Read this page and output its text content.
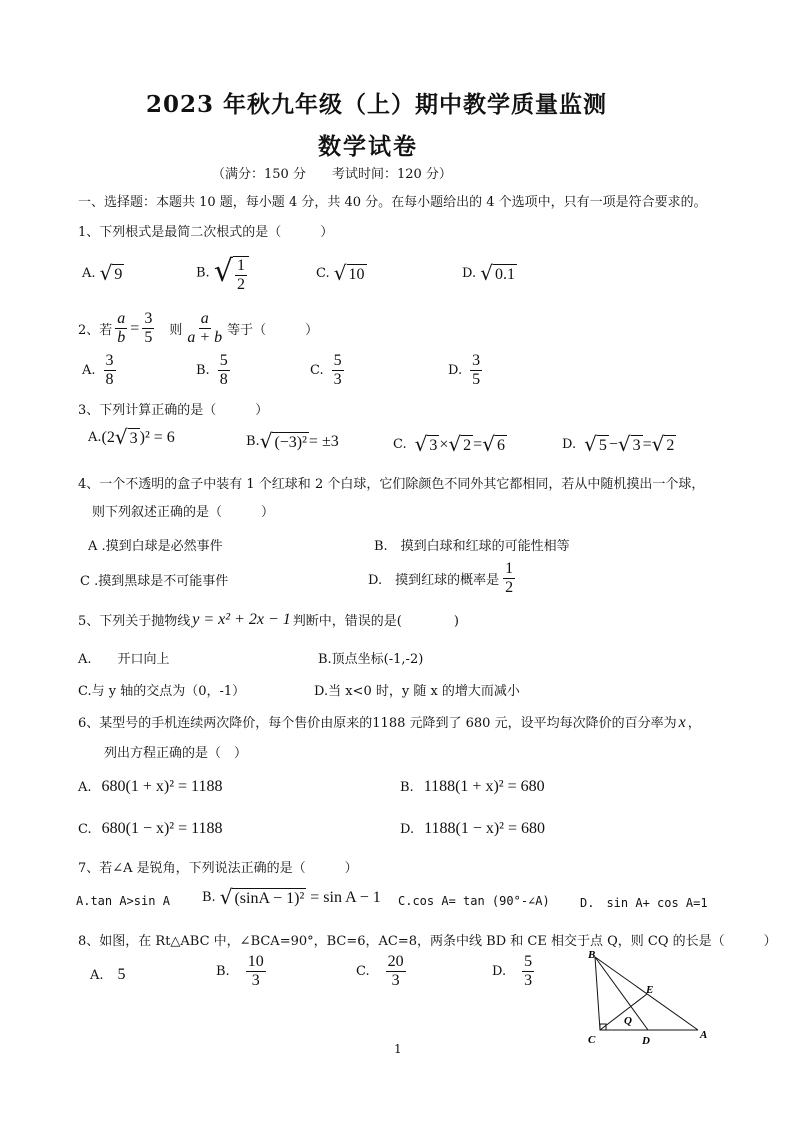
2023 年秋九年级（上）期中教学质量监测
数学试卷
（满分：150 分　　考试时间：120 分）
一、选择题：本题共 10 题，每小题 4 分，共 40 分。在每小题给出的 4 个选项中，只有一项是符合要求的。
1、下列根式是最简二次根式的是（　　　）
A. √ 9	B. √ $\frac{1}{2}$	C. √ 10	D. √ 0.1
2、若 $\frac{a}{b} = \frac{3}{5}$ 则 $\frac{a}{a + b}$ 等于（　　　）
A. $\frac{3}{8}$	B. $\frac{5}{8}$	C. $\frac{5}{3}$	D. $\frac{3}{5}$
3、下列计算正确的是（　　　）
A. (2 √ 3 )² = 6	B. √ (−3)² = ±3	C. √ 3 × √ 2 = √ 6	D. √ 5 − √ 3 = √ 2
4、一个不透明的盒子中装有 1 个红球和 2 个白球，它们除颜色不同外其它都相同，若从中随机摸出一个球，
则下列叙述正确的是（　　　）
A .摸到白球是必然事件	B.　摸到白球和红球的可能性相等
C .摸到黑球是不可能事件	D.　摸到红球的概率是 $\frac{1}{2}$
5、下列关于抛物线 y = x² + 2x − 1 判断中，错误的是(　　　　)
A.　　开口向上	B.顶点坐标(-1,-2)
C.与 y 轴的交点为（0，-1）	D.当 x<0 时，y 随 x 的增大而减小
6、某型号的手机连续两次降价，每个售价由原来的1188 元降到了 680 元，设平均每次降价的百分率为 x ，
列出方程正确的是（　）
A. 680(1 + x)² = 1188	B. 1188(1 + x)² = 680
C. 680(1 − x)² = 1188	D. 1188(1 − x)² = 680
7、若∠A 是锐角，下列说法正确的是（　　　）
A.tan A>sin A B. √ (sinA − 1)² = sin A − 1 C.cos A= tan (90°-∠A)	D.　sin A+ cos A=1
8、如图，在 Rt△ABC 中，∠BCA=90°，BC=6，AC=8，两条中线 BD 和 CE 相交于点 Q，则 CQ 的长是（　　　）
A. 5	B. $\frac{10}{3}$	C. $\frac{20}{3}$	D. $\frac{5}{3}$	B
E
Q
C	D	A
1
